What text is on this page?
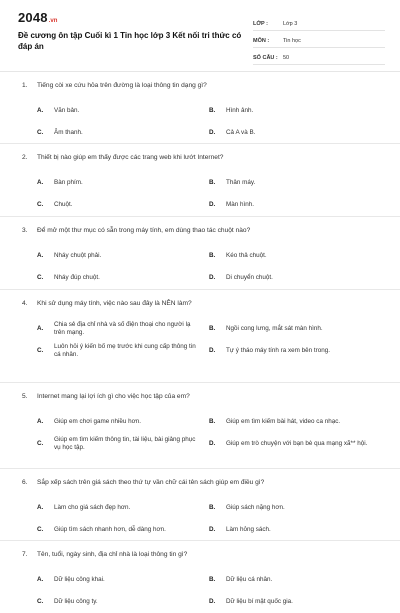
2048 .vn
Đề cương ôn tập Cuối kì 1 Tin học lớp 3 Kết nối tri thức có đáp án
LỚP :	Lớp 3
MÔN :	Tin học
SỐ CÂU : 50
1.	Tiếng còi xe cứu hỏa trên đường là loại thông tin dạng gì?
A.	Văn bản.	B.	Hình ảnh.
C.	Âm thanh.	D.	Cả A và B.
2.	Thiết bị nào giúp em thấy được các trang web khi lướt Internet?
A.	Bàn phím.	B.	Thân máy.
C.	Chuột.	D.	Màn hình.
3.	Để mở một thư mục có sẵn trong máy tính, em dùng thao tác chuột nào?
A.	Nháy chuột phải.	B.	Kéo thả chuột.
C.	Nháy đúp chuột.	D.	Di chuyển chuột.
4.	Khi sử dụng máy tính, việc nào sau đây là NÊN làm?
A.
Chia sẻ địa chỉ nhà và số điện thoại cho người lạ trên mạng.
B.	Ngồi cong lưng, mắt sát màn hình.
C.
Luôn hỏi ý kiến bố mẹ trước khi cung cấp thông tin cá nhân.
D.	Tự ý tháo máy tính ra xem bên trong.
5.	Internet mang lại lợi ích gì cho việc học tập của em?
A.	Giúp em chơi game nhiều hơn.	B.	Giúp em tìm kiếm bài hát, video ca nhạc.
C.
Giúp em tìm kiếm thông tin, tài liệu, bài giảng phục vụ học tập.
D.	Giúp em trò chuyện với bạn bè qua mạng xã** hội.
6.	Sắp xếp sách trên giá sách theo thứ tự vần chữ cái tên sách giúp em điều gì?
A.	Làm cho giá sách đẹp hơn.	B.	Giúp sách nặng hơn.
C.	Giúp tìm sách nhanh hơn, dễ dàng hơn.	D.	Làm hỏng sách.
7.	Tên, tuổi, ngày sinh, địa chỉ nhà là loại thông tin gì?
A.	Dữ liệu công khai.	B.	Dữ liệu cá nhân.
C.	Dữ liệu công ty.	D.	Dữ liệu bí mật quốc gia.
